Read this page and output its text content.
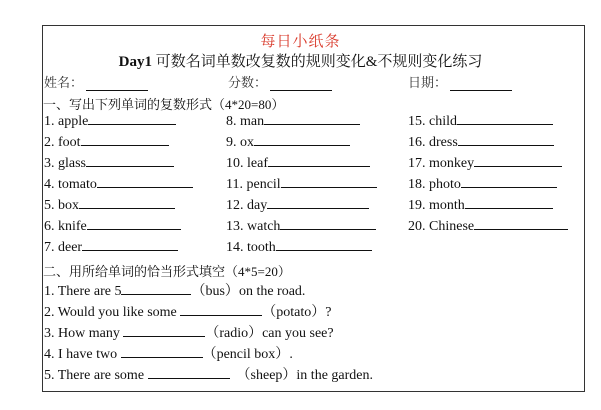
每日小纸条
Day1 可数名词单数改复数的规则变化&不规则变化练习
姓名：	分数：	日期：
一、写出下列单词的复数形式（4*20=80）
1. apple
2. foot
3. glass
4. tomato
5. box
6. knife
7. deer
8. man
9. ox
10. leaf
11. pencil
12. day
13. watch
14. tooth
15. child
16. dress
17. monkey
18. photo
19. month
20. Chinese
二、用所给单词的恰当形式填空（4*5=20）
1. There are 5	（bus）on the road.
2. Would you like some	（potato）?
3. How many	（radio）can you see?
4. I have two	（pencil box）.
5. There are some	（sheep）in the garden.
